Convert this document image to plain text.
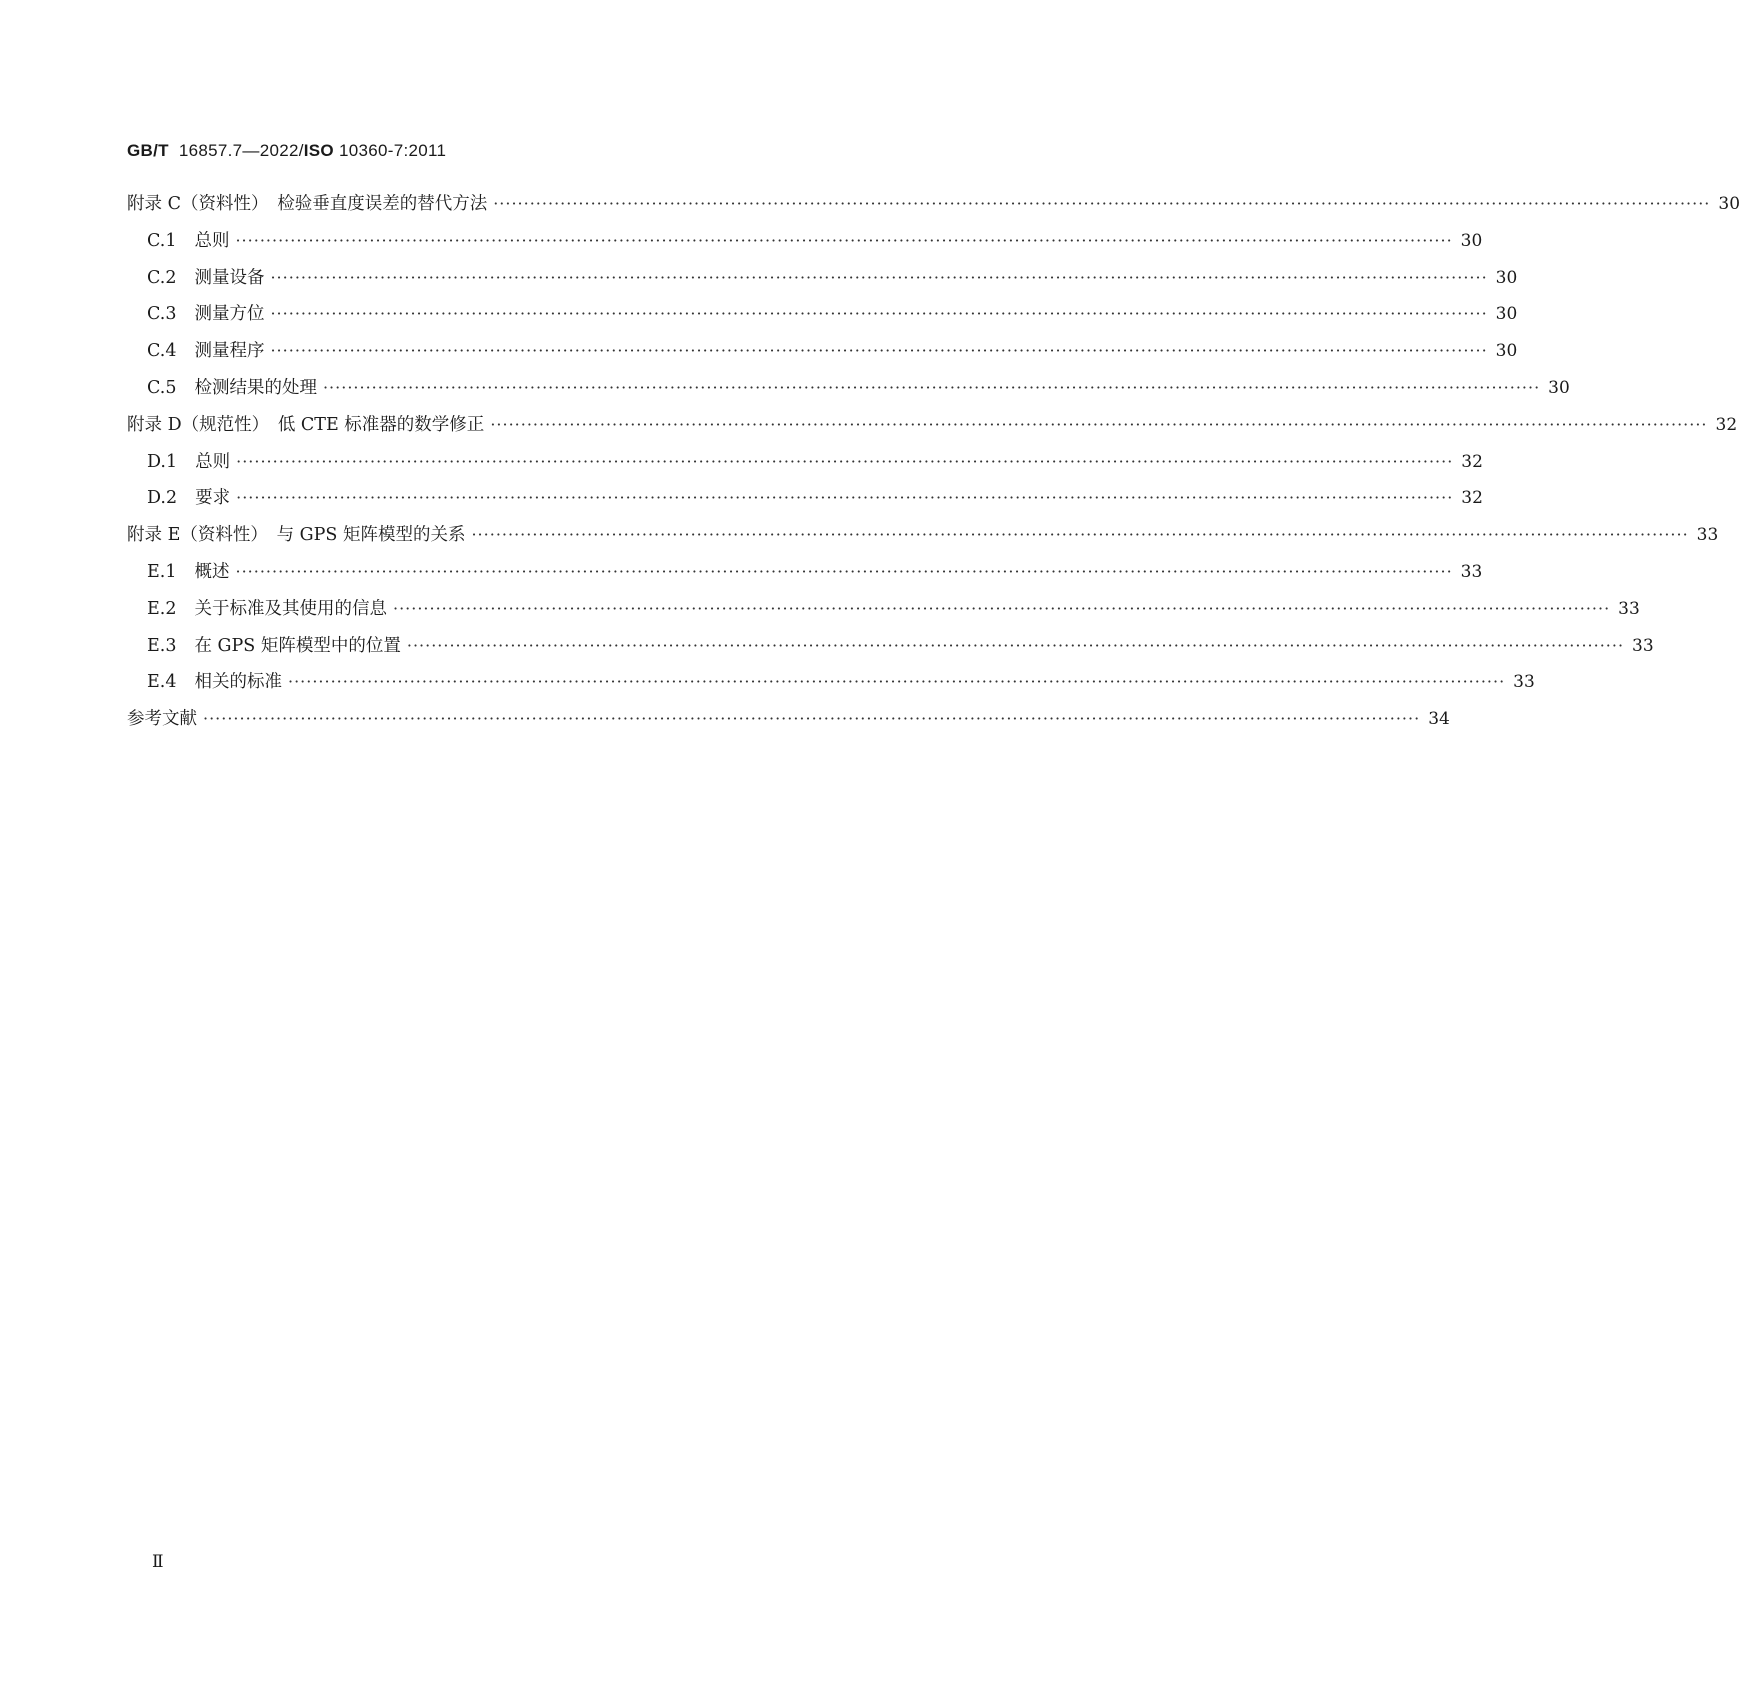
GB/T 16857.7—2022/ISO 10360-7:2011
附录 C（资料性）　检验垂直度误差的替代方法 ········································································································································································································ 30
C.1 总则 ········································································································································································································ 30
C.2 测量设备 ········································································································································································································ 30
C.3 测量方位 ········································································································································································································ 30
C.4 测量程序 ········································································································································································································ 30
C.5 检测结果的处理 ········································································································································································································ 30
附录 D（规范性）　低 CTE 标准器的数学修正 ········································································································································································································ 32
D.1 总则 ········································································································································································································ 32
D.2 要求 ········································································································································································································ 32
附录 E（资料性）　与 GPS 矩阵模型的关系 ········································································································································································································ 33
E.1 概述 ········································································································································································································ 33
E.2 关于标准及其使用的信息 ········································································································································································································ 33
E.3 在 GPS 矩阵模型中的位置 ········································································································································································································ 33
E.4 相关的标准 ········································································································································································································ 33
参考文献 ········································································································································································································ 34
Ⅱ
